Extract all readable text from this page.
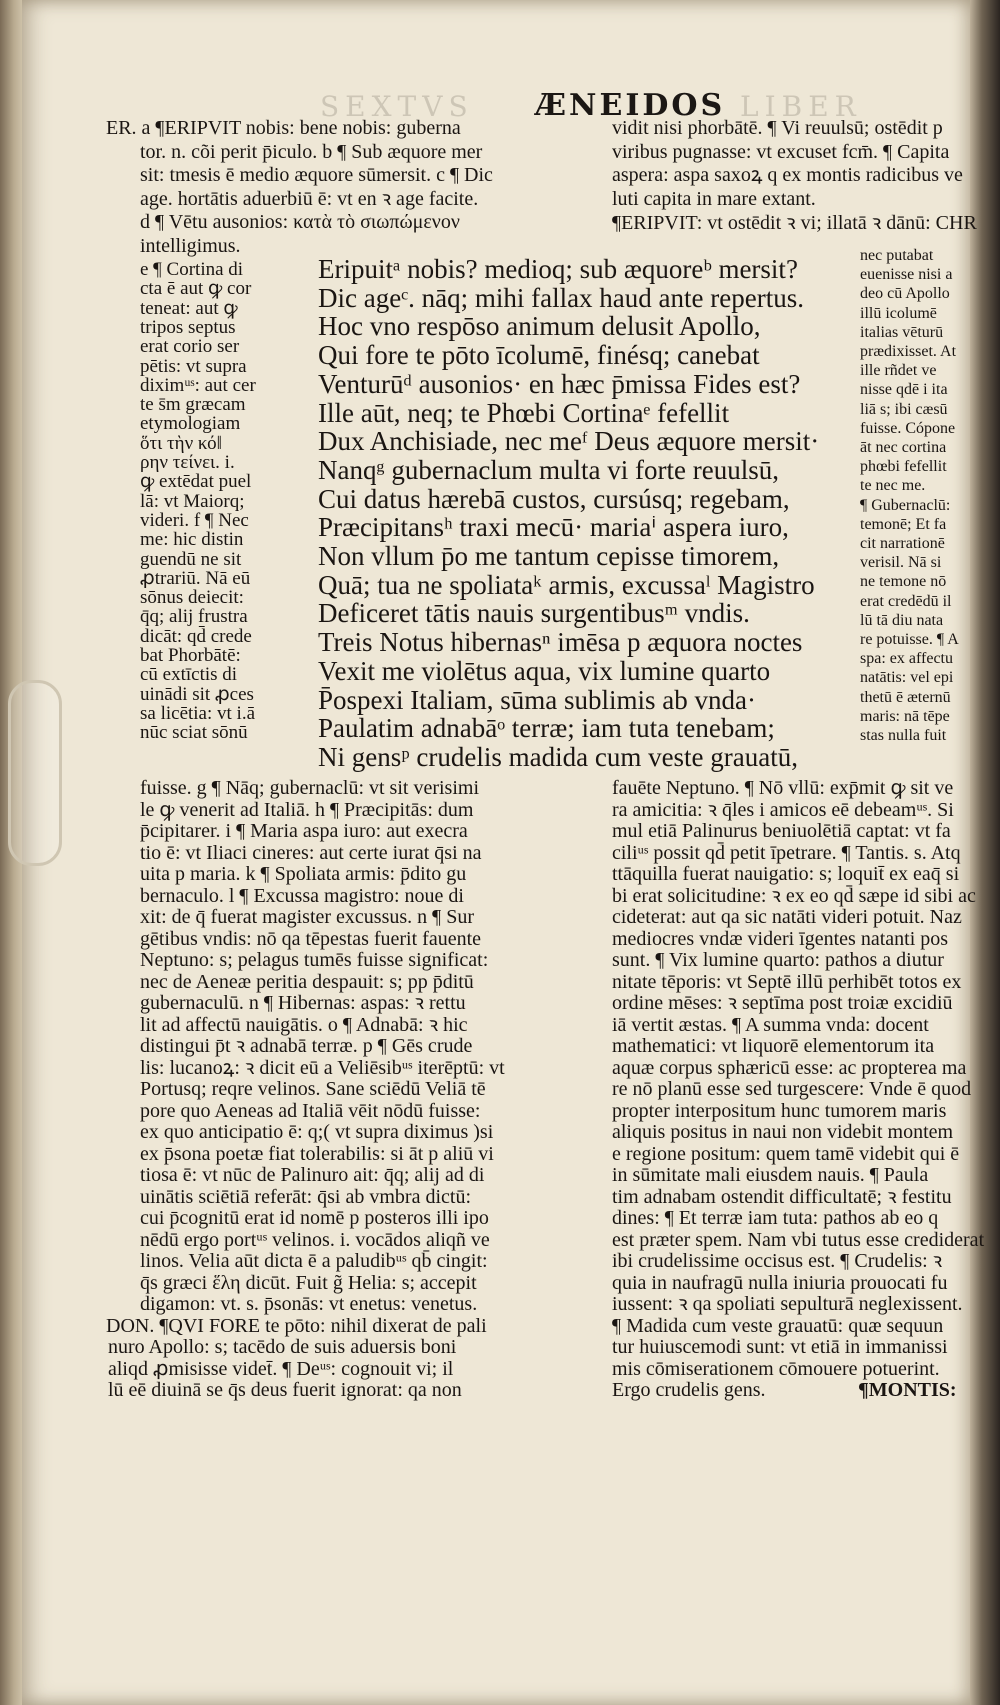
SEXTVS	LIBER
ÆNEIDOS
ER. a ¶ERIPVIT nobis: bene nobis: guberna
tor. n. cõi perit p̄iculo. b ¶ Sub æquore mer
sit: tmesis ē medio æquore sūmersit. c ¶ Dic
age. hortātis aduerbiū ē: vt en ꝛ age facite.
d ¶ Vētu ausonios: κατὰ τὸ σιωπώμενον
intelligimus.
e ¶ Cortina di
cta ē aut ꝙ cor
teneat: aut ꝙ
tripos septus
erat corio ser
pētis: vt supra
diximᵘˢ: aut cer
te s̄m græcam
etymologiam
ὅτι τὴν κό‖
ρην τείνει. i.
ꝙ extēdat puel
lā: vt Maiorq;
videri. f ¶ Nec
me: hic distin
guendū ne sit
ꝓtrariū. Nā eū
sōnus deiecit:
q̄q; alij frustra
dicāt: qd̄ crede
bat Phorbātē:
cū extīctis di
uinādi sit ꝓces
sa licētia: vt i.ā
nūc sciat sōnū
fuisse. g ¶ Nāq; gubernaclū: vt sit verisimi
le ꝙ venerit ad Italiā. h ¶ Præcipitās: dum
p̄cipitarer. i ¶ Maria aspa iuro: aut execra
tio ē: vt Iliaci cineres: aut certe iurat q̄si na
uita p maria. k ¶ Spoliata armis: p̄dito gu
bernaculo. l ¶ Excussa magistro: noue di
xit: de q̄ fuerat magister excussus. n ¶ Sur
gētibus vndis: nō qa tēpestas fuerit fauente
Neptuno: s; pelagus tumēs fuisse significat:
nec de Aeneæ peritia despauit: s; pp p̄ditū
gubernaculū. n ¶ Hibernas: aspas: ꝛ rettu
lit ad affectū nauigātis. o ¶ Adnabā: ꝛ hic
distingui p̄t ꝛ adnabā terræ. p ¶ Gēs crude
lis: lucanoꝝ: ꝛ dicit eū a Veliēsibᵘˢ iterēptū: vt
Portusq; reqre velinos. Sane sciēdū Veliā tē
pore quo Aeneas ad Italiā vēit nōdū fuisse:
ex quo anticipatio ē: q;( vt supra diximus )si
ex p̄sona poetæ fiat tolerabilis: si āt p aliū vi
tiosa ē: vt nūc de Palinuro ait: q̄q; alij ad di
uinātis sciētiā referāt: q̄si ab vmbra dictū:
cui p̄cognitū erat id nomē p posteros illi ipo
nēdū ergo portᵘˢ velinos. i. vocādos aliqñ ve
linos. Velia aūt dicta ē a paludibᵘˢ qb̄ cingit:
q̄s græci ἕλη dicūt. Fuit g̃ Helia: s; accepit
digamon: vt. s. p̄sonās: vt enetus: venetus.
DON. ¶QVI FORE te pōto: nihil dixerat de pali
nuro Apollo: s; tacēdo de suis aduersis boni
aliqd ꝓmisisse videt̄. ¶ Deᵘˢ: cognouit vi; il
lū eē diuinā se q̄s deus fuerit ignorat: qa non
Eripuitᵃ nobis? medioq; sub æquoreᵇ mersit?
Dic ageᶜ. nāq; mihi fallax haud ante repertus.
Hoc vno respōso animum delusit Apollo,
Qui fore te pōto īcolumē, finésq; canebat
Venturūᵈ ausonios· en hæc p̄missa Fides est?
Ille aūt, neq; te Phœbi Cortinaᵉ fefellit
Dux Anchisiade, nec meᶠ Deus æquore mersit·
Nanqᵍ gubernaclum multa vi forte reuulsū,
Cui datus hærebā custos, cursúsq; regebam,
Præcipitansʰ traxi mecū· mariaⁱ aspera iuro,
Non vllum p̄o me tantum cepisse timorem,
Quā; tua ne spoliataᵏ armis, excussaˡ Magistro
Deficeret tātis nauis surgentibusᵐ vndis.
Treis Notus hibernasⁿ imēsa p æquora noctes
Vexit me violētus aqua, vix lumine quarto
P̄ospexi Italiam, sūma sublimis ab vnda·
Paulatim adnabāᵒ terræ; iam tuta tenebam;
Ni gensᵖ crudelis madida cum veste grauatū,
vidit nisi phorbātē. ¶ Vi reuulsū; ostēdit p
viribus pugnasse: vt excuset fcm̄. ¶ Capita
aspera: aspa saxoꝝ q ex montis radicibus ve
luti capita in mare extant.
¶ERIPVIT: vt ostēdit ꝛ vi; illatā ꝛ dānū: CHR
nec putabat
euenisse nisi a
deo cū Apollo
illū icolumē
italias vēturū
prædixisset. At
ille rñdet ve
nisse qdē i ita
liā s; ibi cæsū
fuisse. Cópone
āt nec cortina
phœbi fefellit
te nec me.
¶ Gubernaclū:
temonē; Et fa
cit narrationē
verisil. Nā si
ne temone nō
erat credēdū il
lū tā diu nata
re potuisse. ¶ A
spa: ex affectu
natātis: vel epi
thetū ē æternū
maris: nā tēpe
stas nulla fuit
fauēte Neptuno. ¶ Nō vllū: exp̄mit ꝙ sit ve
ra amicitia: ꝛ q̄les i amicos eē debeamᵘˢ. Si
mul etiā Palinurus beniuolētiā captat: vt fa
ciliᵘˢ possit qd̄ petit īpetrare. ¶ Tantis. s. Atq
ttāquilla fuerat nauigatio: s; loquit̄ ex eaq̄ si
bi erat solicitudine: ꝛ ex eo qd̄ sæpe id sibi ac
cideterat: aut qa sic natāti videri potuit. Naz
mediocres vndæ videri īgentes natanti pos
sunt. ¶ Vix lumine quarto: pathos a diutur
nitate tēporis: vt Septē illū perhibēt totos ex
ordine mēses: ꝛ septīma post troiæ excidiū
iā vertit æstas. ¶ A summa vnda: docent
mathematici: vt liquorē elementorum ita
aquæ corpus sphæricū esse: ac propterea ma
re nō planū esse sed turgescere: Vnde ē quod
propter interpositum hunc tumorem maris
aliquis positus in naui non videbit montem
e regione positum: quem tamē videbit qui ē
in sūmitate mali eiusdem nauis. ¶ Paula
tim adnabam ostendit difficultatē; ꝛ festitu
dines: ¶ Et terræ iam tuta: pathos ab eo q
est præter spem. Nam vbi tutus esse crediderat
ibi crudelissime occisus est. ¶ Crudelis: ꝛ
quia in naufragū nulla iniuria prouocati fu
iussent: ꝛ qa spoliati sepulturā neglexissent.
¶ Madida cum veste grauatū: quæ sequun
tur huiuscemodi sunt: vt etiā in immanissi
mis cōmiserationem cōmouere potuerint.
Ergo crudelis gens.	¶MONTIS:
